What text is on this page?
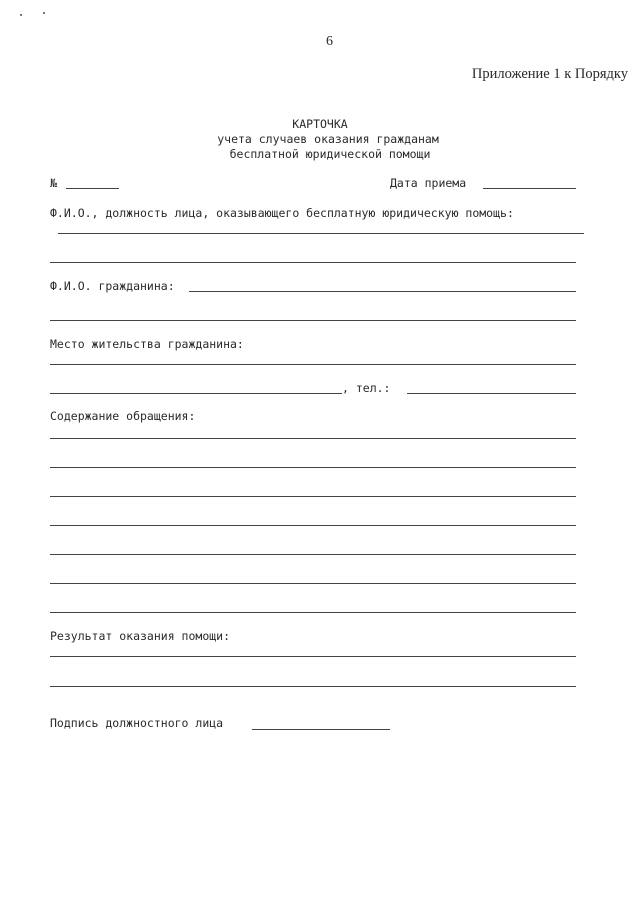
6
Приложение 1 к Порядку
КАРТОЧКА
учета случаев оказания гражданам
бесплатной юридической помощи
№	Дата приема
Ф.И.О., должность лица, оказывающего бесплатную юридическую помощь:
Ф.И.О. гражданина:
Место жительства гражданина:
, тел.:
Содержание обращения:
Результат оказания помощи:
Подпись должностного лица
